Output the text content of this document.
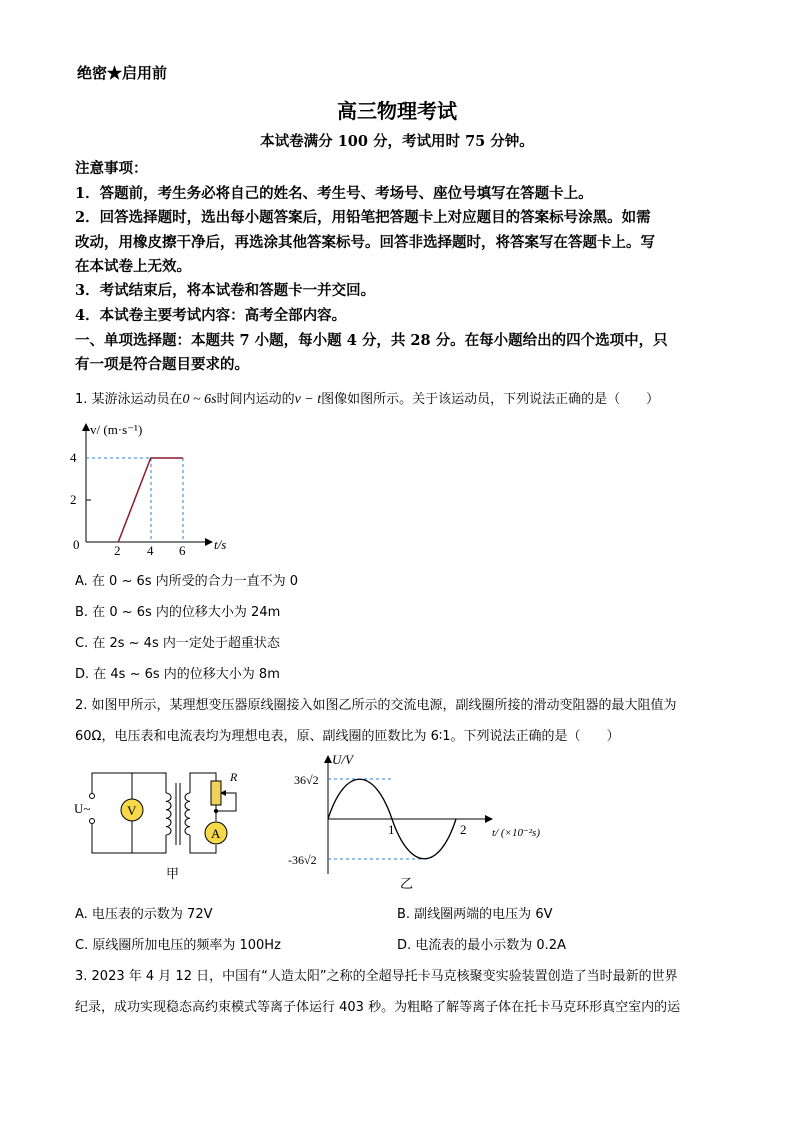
绝密★启用前
高三物理考试
本试卷满分 100 分，考试用时 75 分钟。
注意事项：
1．答题前，考生务必将自己的姓名、考生号、考场号、座位号填写在答题卡上。
2．回答选择题时，选出每小题答案后，用铅笔把答题卡上对应题目的答案标号涂黑。如需
改动，用橡皮擦干净后，再选涂其他答案标号。回答非选择题时，将答案写在答题卡上。写
在本试卷上无效。
3．考试结束后，将本试卷和答题卡一并交回。
4．本试卷主要考试内容：高考全部内容。
一、单项选择题：本题共 7 小题，每小题 4 分，共 28 分。在每小题给出的四个选项中，只
有一项是符合题目要求的。
1. 某游泳运动员在0 ~ 6s时间内运动的v − t图像如图所示。关于该运动员，下列说法正确的是（　　）
v/ (m·s⁻¹)
4
2
0	2 4 6 t/s
A. 在 0 ~ 6s 内所受的合力一直不为 0
B. 在 0 ~ 6s 内的位移大小为 24m
C. 在 2s ~ 4s 内一定处于超重状态
D. 在 4s ~ 6s 内的位移大小为 8m
2. 如图甲所示，某理想变压器原线圈接入如图乙所示的交流电源，副线圈所接的滑动变阻器的最大阻值为
60Ω，电压表和电流表均为理想电表，原、副线圈的匝数比为 6∶1。下列说法正确的是（　　）
V
A
R
U~
甲
U/V
36√2
-36√2
1	2 t/ (×10⁻²s)
乙
A. 电压表的示数为 72V	B. 副线圈两端的电压为 6V
C. 原线圈所加电压的频率为 100Hz	D. 电流表的最小示数为 0.2A
3. 2023 年 4 月 12 日，中国有“人造太阳”之称的全超导托卡马克核聚变实验装置创造了当时最新的世界
纪录，成功实现稳态高约束模式等离子体运行 403 秒。为粗略了解等离子体在托卡马克环形真空室内的运
